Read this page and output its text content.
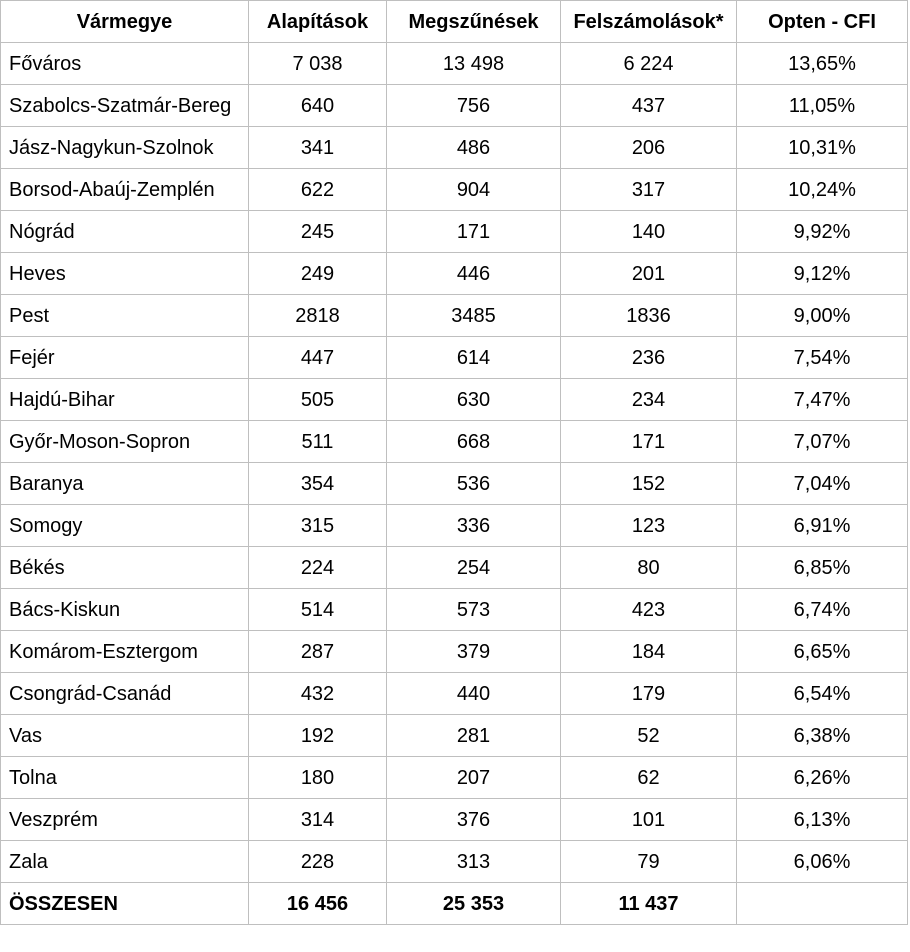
Vármegye	Alapítások	Megszűnések	Felszámolások*	Opten - CFI

Főváros	7 038	13 498	6 224	13,65%

Szabolcs-Szatmár-Bereg	640	756	437	11,05%

Jász-Nagykun-Szolnok	341	486	206	10,31%

Borsod-Abaúj-Zemplén	622	904	317	10,24%

Nógrád	245	171	140	9,92%

Heves	249	446	201	9,12%

Pest	2818	3485	1836	9,00%

Fejér	447	614	236	7,54%

Hajdú-Bihar	505	630	234	7,47%

Győr-Moson-Sopron	511	668	171	7,07%

Baranya	354	536	152	7,04%

Somogy	315	336	123	6,91%

Békés	224	254	80	6,85%

Bács-Kiskun	514	573	423	6,74%

Komárom-Esztergom	287	379	184	6,65%

Csongrád-Csanád	432	440	179	6,54%

Vas	192	281	52	6,38%

Tolna	180	207	62	6,26%

Veszprém	314	376	101	6,13%

Zala	228	313	79	6,06%
ÖSSZESEN	16 456	25 353	11 437	
